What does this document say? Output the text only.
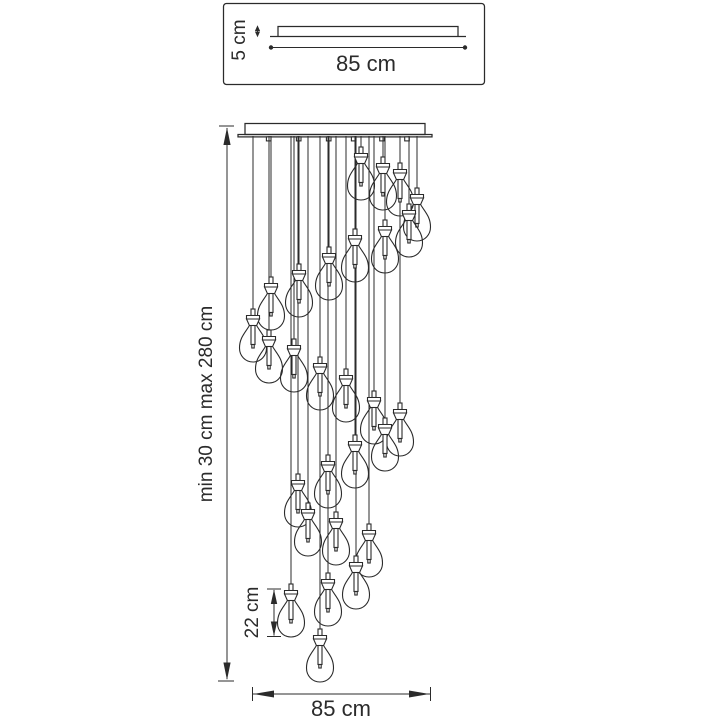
5 cm
85 cm
min 30 cm max 280 cm
22 cm
85 cm
